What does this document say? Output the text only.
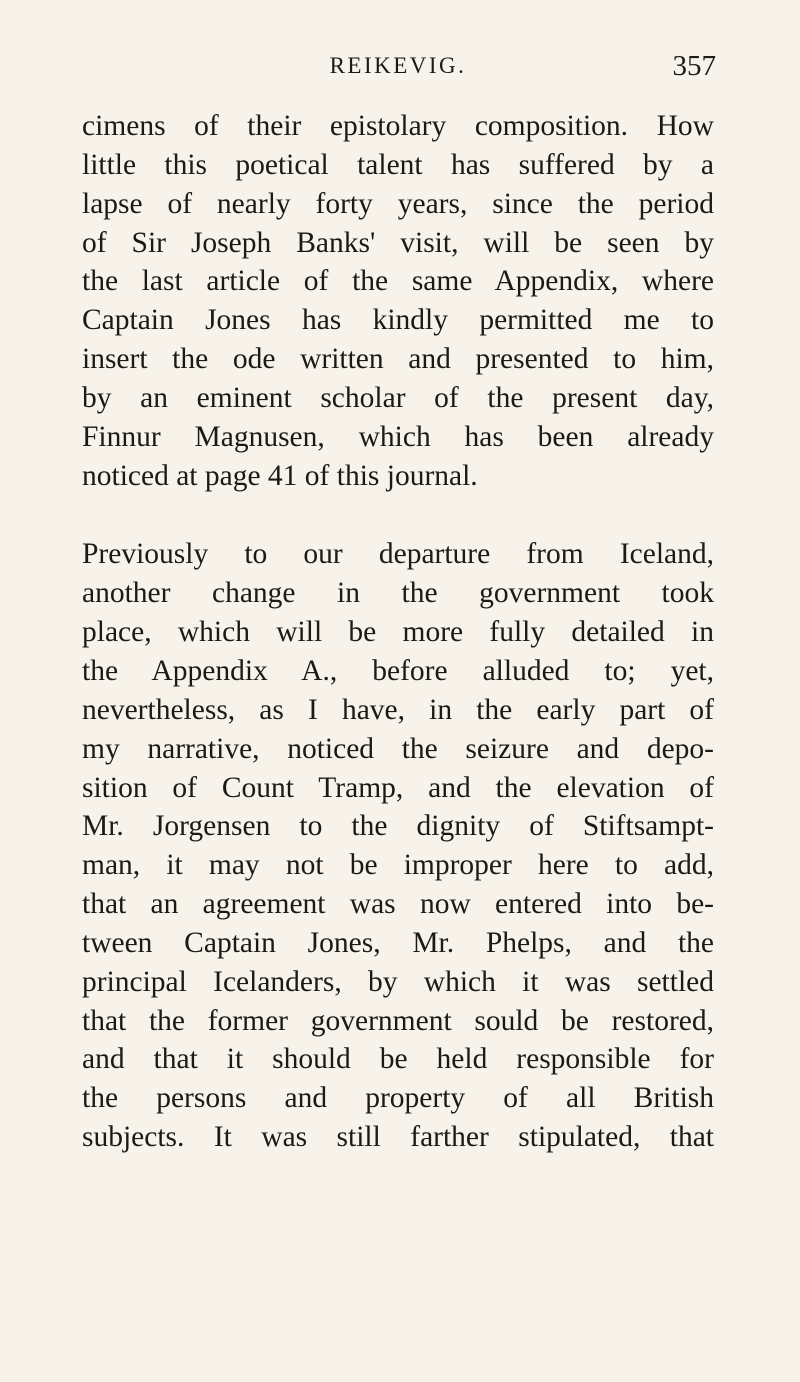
REIKEVIG.	357

cimens of their epistolary composition. How
little this poetical talent has suffered by a
lapse of nearly forty years, since the period
of Sir Joseph Banks' visit, will be seen by
the last article of the same Appendix, where
Captain Jones has kindly permitted me to
insert the ode written and presented to him,
by an eminent scholar of the present day,
Finnur Magnusen, which has been already
noticed at page 41 of this journal.

Previously to our departure from Iceland,
another change in the government took
place, which will be more fully detailed in
the Appendix A., before alluded to; yet,
nevertheless, as I have, in the early part of
my narrative, noticed the seizure and depo-
sition of Count Tramp, and the elevation of
Mr. Jorgensen to the dignity of Stiftsampt-
man, it may not be improper here to add,
that an agreement was now entered into be-
tween Captain Jones, Mr. Phelps, and the
principal Icelanders, by which it was settled
that the former government sould be restored,
and that it should be held responsible for
the persons and property of all British
subjects. It was still farther stipulated, that
